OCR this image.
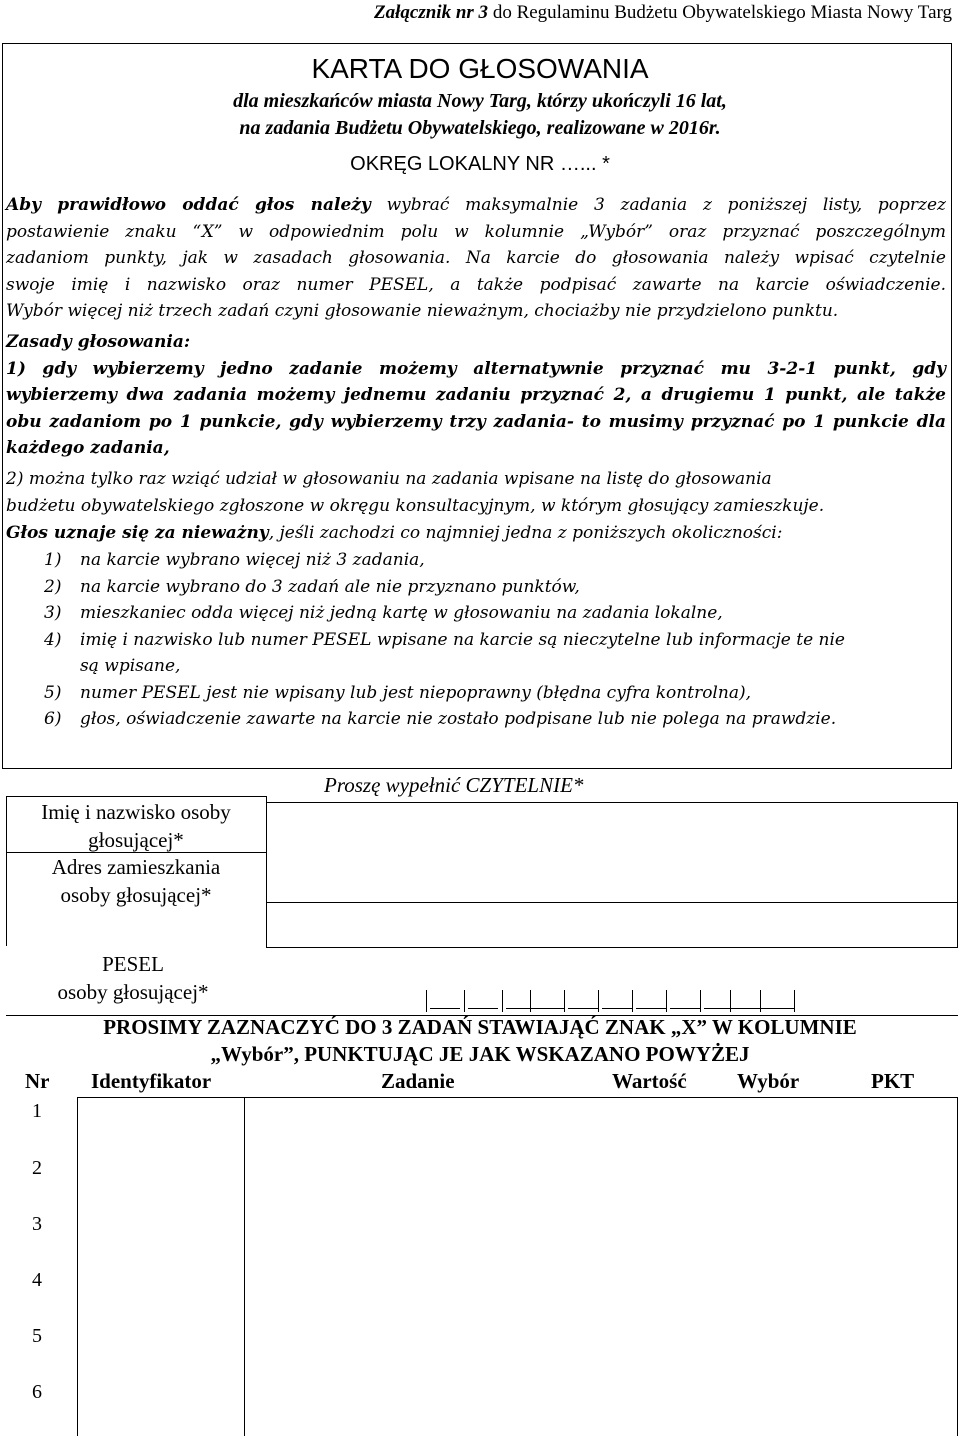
Załącznik nr 3 do Regulaminu Budżetu Obywatelskiego Miasta Nowy Targ
KARTA DO GŁOSOWANIA
dla mieszkańców miasta Nowy Targ, którzy ukończyli 16 lat,
na zadania Budżetu Obywatelskiego, realizowane w 2016r.
OKRĘG LOKALNY NR …... *
Aby prawidłowo oddać głos należy wybrać maksymalnie 3 zadania z poniższej listy, poprzez
postawienie znaku “X” w odpowiednim polu w kolumnie „Wybór” oraz przyznać poszczególnym
zadaniom punkty, jak w zasadach głosowania. Na karcie do głosowania należy wpisać czytelnie
swoje imię i nazwisko oraz numer PESEL, a także podpisać zawarte na karcie oświadczenie.
Wybór więcej niż trzech zadań czyni głosowanie nieważnym, chociażby nie przydzielono punktu.
Zasady głosowania:
1) gdy wybierzemy jedno zadanie możemy alternatywnie przyznać mu 3-2-1 punkt, gdy
wybierzemy dwa zadania możemy jednemu zadaniu przyznać 2, a drugiemu 1 punkt, ale także
obu zadaniom po 1 punkcie, gdy wybierzemy trzy zadania- to musimy przyznać po 1 punkcie dla
każdego zadania,
2) można tylko raz wziąć udział w głosowaniu na zadania wpisane na listę do głosowania
budżetu obywatelskiego zgłoszone w okręgu konsultacyjnym, w którym głosujący zamieszkuje.
Głos uznaje się za nieważny, jeśli zachodzi co najmniej jedna z poniższych okoliczności:
1) na karcie wybrano więcej niż 3 zadania,
2) na karcie wybrano do 3 zadań ale nie przyznano punktów,
3) mieszkaniec odda więcej niż jedną kartę w głosowaniu na zadania lokalne,
4) imię i nazwisko lub numer PESEL wpisane na karcie są nieczytelne lub informacje te nie
są wpisane,
5) numer PESEL jest nie wpisany lub jest niepoprawny (błędna cyfra kontrolna),
6) głos, oświadczenie zawarte na karcie nie zostało podpisane lub nie polega na prawdzie.
Proszę wypełnić CZYTELNIE*
Imię i nazwisko osoby
głosującej*
Adres zamieszkania
osoby głosującej*
PESEL
osoby głosującej*
PROSIMY ZAZNACZYĆ DO 3 ZADAŃ STAWIAJĄĆ ZNAK „X” W KOLUMNIE
„Wybór”, PUNKTUJĄC JE JAK WSKAZANO POWYŻEJ
Nr Identyfikator	Zadanie	Wartość Wybór	PKT
1
2
3
4
5
6
